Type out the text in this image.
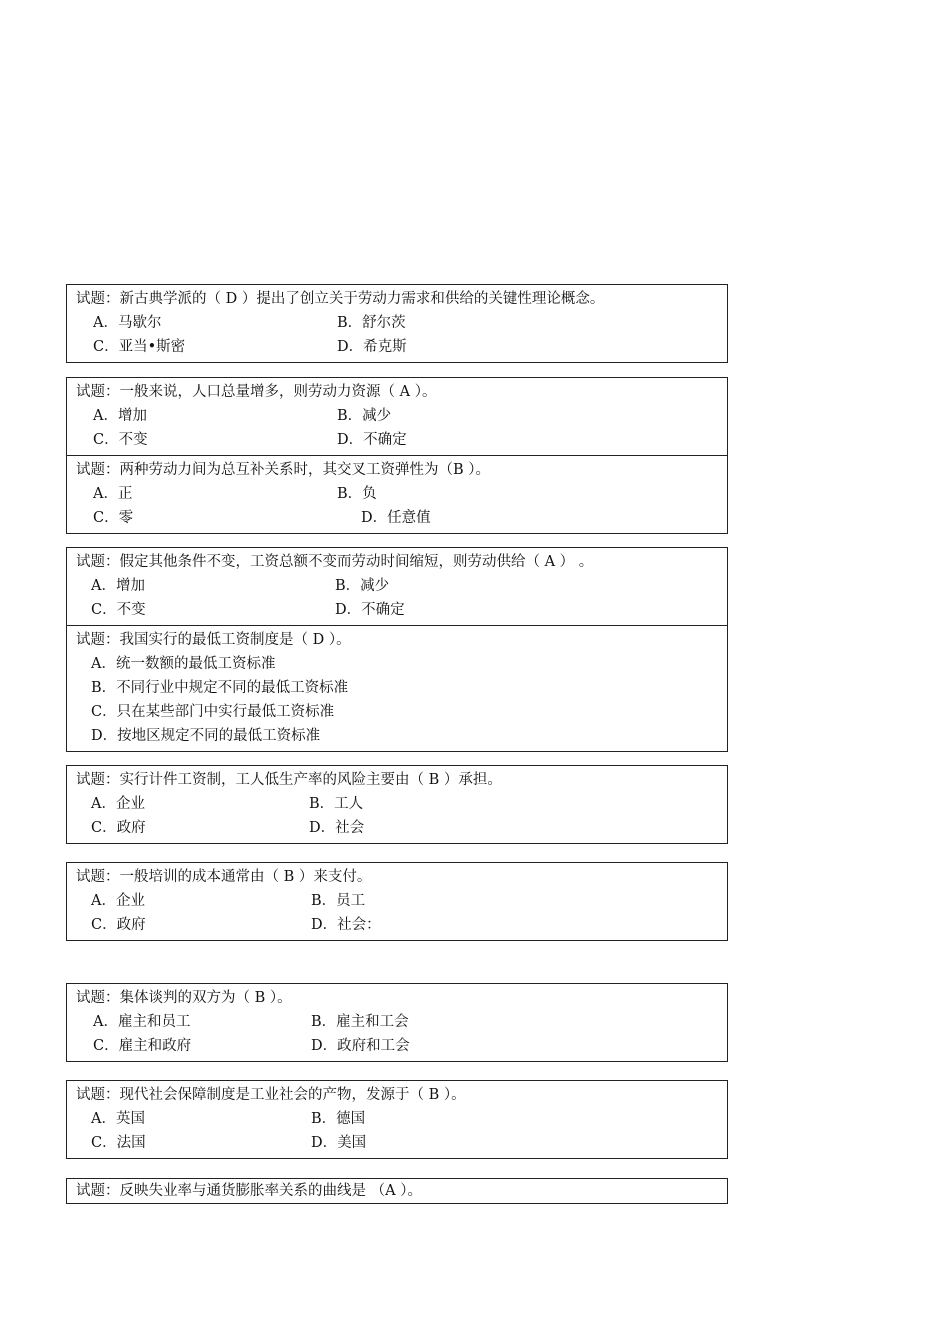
试题：新古典学派的（ D ）提出了创立关于劳动力需求和供给的关键性理论概念。
A．马歇尔	B．舒尔茨
C．亚当•斯密	D．希克斯
试题：一般来说，人口总量增多，则劳动力资源（ A ）。
A．增加	B．减少
C．不变	D．不确定
试题：两种劳动力间为总互补关系时，其交叉工资弹性为（B ）。
A．正	B．负
C．零	D．任意值
试题：假定其他条件不变，工资总额不变而劳动时间缩短，则劳动供给（ A ） 。
A．增加	B．减少
C．不变	D．不确定
试题：我国实行的最低工资制度是（ D ）。
A．统一数额的最低工资标准
B．不同行业中规定不同的最低工资标准
C．只在某些部门中实行最低工资标准
D．按地区规定不同的最低工资标准
试题：实行计件工资制，工人低生产率的风险主要由（ B ）承担。
A．企业	B．工人
C．政府	D．社会
试题：一般培训的成本通常由（ B ）来支付。
A．企业	B．员工
C．政府	D．社会：
试题：集体谈判的双方为（ B ）。
A．雇主和员工	B．雇主和工会
C．雇主和政府	D．政府和工会
试题：现代社会保障制度是工业社会的产物，发源于（ B ）。
A．英国	B．德国
C．法国	D．美国
试题：反映失业率与通货膨胀率关系的曲线是 （A ）。
